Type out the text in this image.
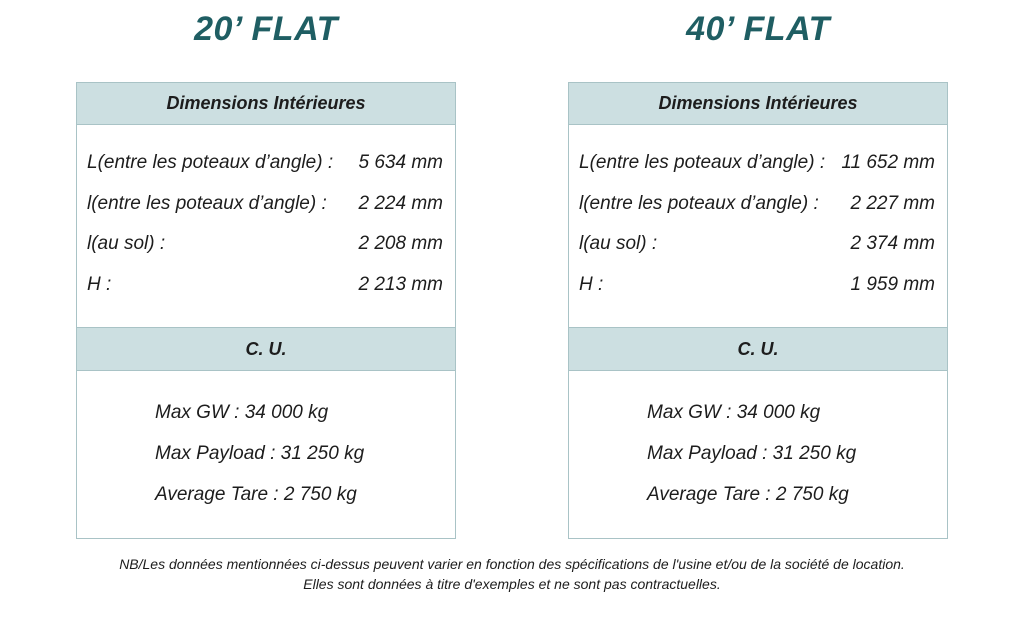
20’ FLAT
Dimensions Intérieures
L(entre les poteaux d’angle) : 5 634 mm
l(entre les poteaux d’angle) : 2 224 mm
l(au sol) :	2 208 mm
H :	2 213 mm
C. U.
Max GW : 34 000 kg
Max Payload : 31 250 kg
Average Tare : 2 750 kg
40’ FLAT
Dimensions Intérieures
L(entre les poteaux d’angle) : 11 652 mm
l(entre les poteaux d’angle) : 2 227 mm
l(au sol) :	2 374 mm
H :	1 959 mm
C. U.
Max GW : 34 000 kg
Max Payload : 31 250 kg
Average Tare : 2 750 kg
NB/Les données mentionnées ci-dessus peuvent varier en fonction des spécifications de l'usine et/ou de la société de location.
Elles sont données à titre d'exemples et ne sont pas contractuelles.
